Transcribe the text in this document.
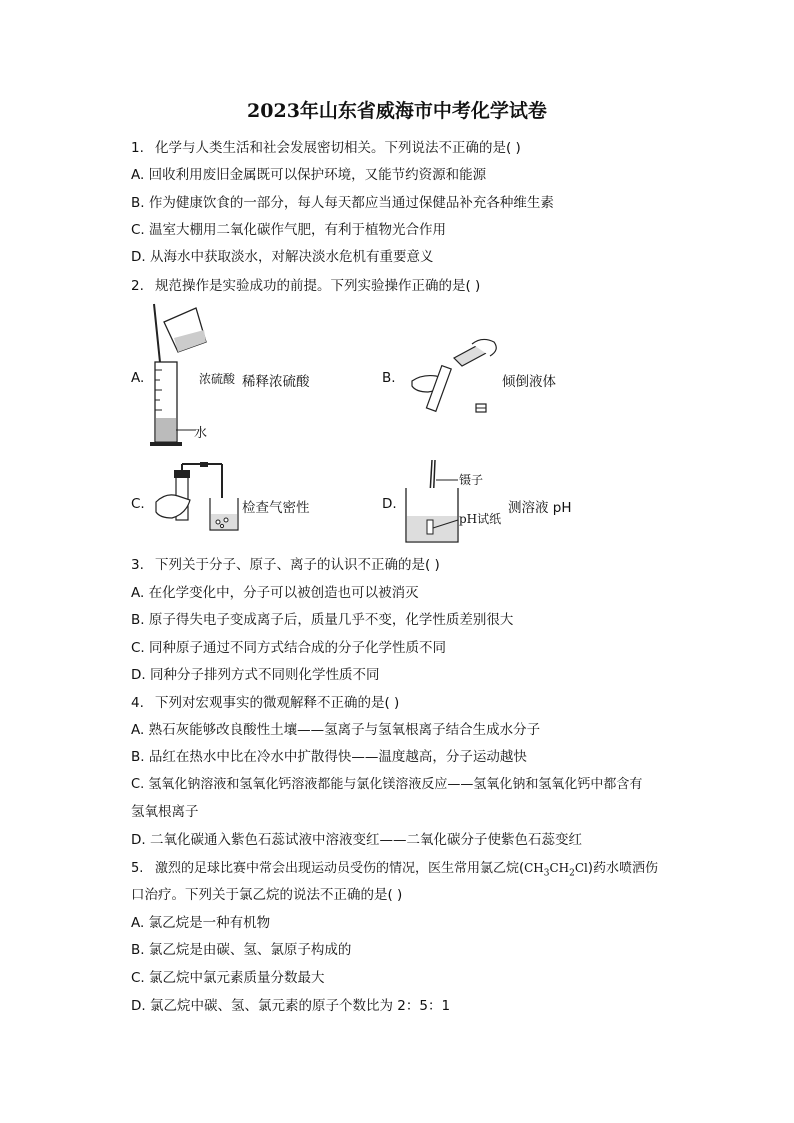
2023年山东省威海市中考化学试卷
1. 化学与人类生活和社会发展密切相关。下列说法不正确的是( )
A. 回收利用废旧金属既可以保护环境，又能节约资源和能源
B. 作为健康饮食的一部分，每人每天都应当通过保健品补充各种维生素
C. 温室大棚用二氧化碳作气肥，有利于植物光合作用
D. 从海水中获取淡水，对解决淡水危机有重要意义
2. 规范操作是实验成功的前提。下列实验操作正确的是( )
A.	浓硫酸 稀释浓硫酸
水
B.	倾倒液体
C.	检查气密性	D.
镊子
pH试纸
测溶液 pH
3. 下列关于分子、原子、离子的认识不正确的是( )
A. 在化学变化中，分子可以被创造也可以被消灭
B. 原子得失电子变成离子后，质量几乎不变，化学性质差别很大
C. 同种原子通过不同方式结合成的分子化学性质不同
D. 同种分子排列方式不同则化学性质不同
4. 下列对宏观事实的微观解释不正确的是( )
A. 熟石灰能够改良酸性土壤——氢离子与氢氧根离子结合生成水分子
B. 品红在热水中比在冷水中扩散得快——温度越高，分子运动越快
C. 氢氧化钠溶液和氢氧化钙溶液都能与氯化镁溶液反应——氢氧化钠和氢氧化钙中都含有
氢氧根离子
D. 二氧化碳通入紫色石蕊试液中溶液变红——二氧化碳分子使紫色石蕊变红
5. 激烈的足球比赛中常会出现运动员受伤的情况，医生常用氯乙烷$(CH_3CH_2Cl)$药水喷洒伤
口治疗。下列关于氯乙烷的说法不正确的是( )
A. 氯乙烷是一种有机物
B. 氯乙烷是由碳、氢、氯原子构成的
C. 氯乙烷中氯元素质量分数最大
D. 氯乙烷中碳、氢、氯元素的原子个数比为 2：5：1
